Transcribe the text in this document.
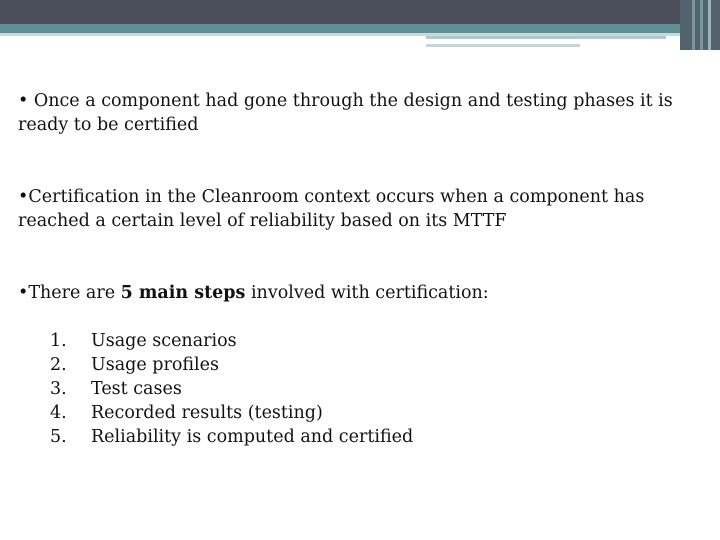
• Once a component had gone through the design and testing phases it is ready to be certified

•Certification in the Cleanroom context occurs when a component has reached a certain level of reliability based on its MTTF

•There are 5 main steps involved with certification:

1.	Usage scenarios
2.	Usage profiles
3.	Test cases
4.	Recorded results (testing)
5.	Reliability is computed and certified
